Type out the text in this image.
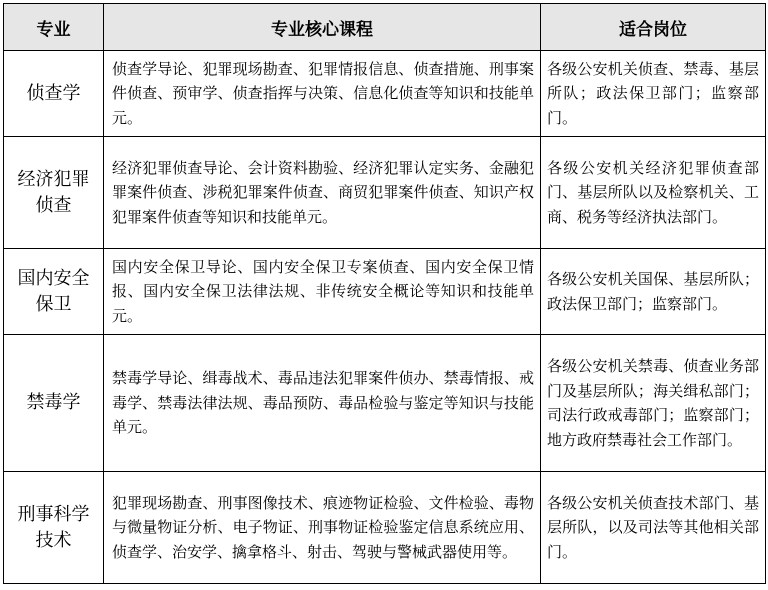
专业	专业核心课程	适合岗位
侦查学	侦查学导论、犯罪现场勘查、犯罪情报信息、侦查措施、刑事案件侦查、预审学、侦查指挥与决策、信息化侦查等知识和技能单元。	各级公安机关侦查、禁毒、基层所队；政法保卫部门；监察部门。
经济犯罪侦查	经济犯罪侦查导论、会计资料勘验、经济犯罪认定实务、金融犯罪案件侦查、涉税犯罪案件侦查、商贸犯罪案件侦查、知识产权犯罪案件侦查等知识和技能单元。	各级公安机关经济犯罪侦查部门、基层所队以及检察机关、工商、税务等经济执法部门。
国内安全保卫	国内安全保卫导论、国内安全保卫专案侦查、国内安全保卫情报、国内安全保卫法律法规、非传统安全概论等知识和技能单元。	各级公安机关国保、基层所队；政法保卫部门；监察部门。
禁毒学	禁毒学导论、缉毒战术、毒品违法犯罪案件侦办、禁毒情报、戒毒学、禁毒法律法规、毒品预防、毒品检验与鉴定等知识与技能单元。	各级公安机关禁毒、侦查业务部门及基层所队；海关缉私部门；司法行政戒毒部门；监察部门；地方政府禁毒社会工作部门。
刑事科学技术	犯罪现场勘查、刑事图像技术、痕迹物证检验、文件检验、毒物与微量物证分析、电子物证、刑事物证检验鉴定信息系统应用、侦查学、治安学、擒拿格斗、射击、驾驶与警械武器使用等。	各级公安机关侦查技术部门、基层所队，以及司法等其他相关部门。
